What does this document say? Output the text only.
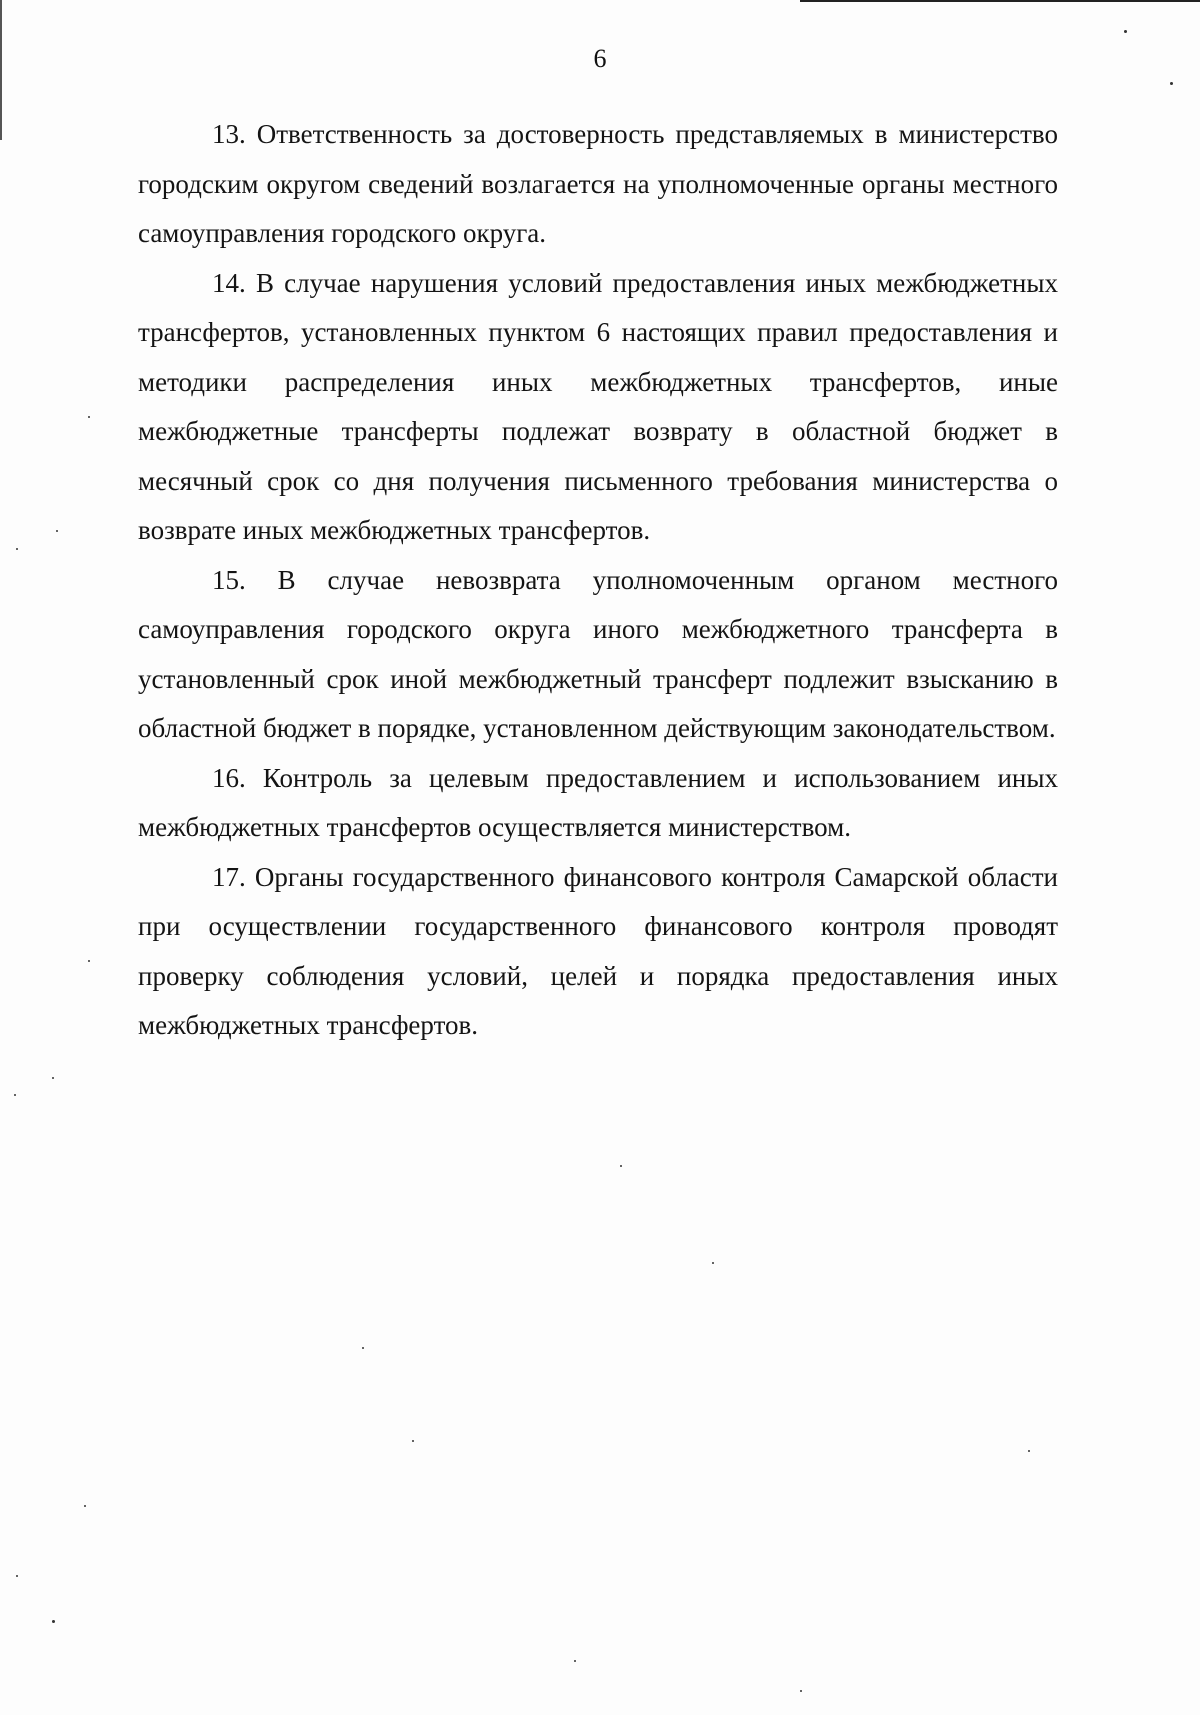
6

13. Ответственность за достоверность представляемых в министерство городским округом сведений возлагается на уполномоченные органы местного самоуправления городского округа.

14. В случае нарушения условий предоставления иных межбюджетных трансфертов, установленных пунктом 6 настоящих правил предоставления и методики распределения иных межбюджетных трансфертов, иные межбюджетные трансферты подлежат возврату в областной бюджет в месячный срок со дня получения письменного требования министерства о возврате иных межбюджетных трансфертов.

15. В случае невозврата уполномоченным органом местного самоуправления городского округа иного межбюджетного трансферта в установленный срок иной межбюджетный трансферт подлежит взысканию в областной бюджет в порядке, установленном действующим законодательством.

16. Контроль за целевым предоставлением и использованием иных межбюджетных трансфертов осуществляется министерством.

17. Органы государственного финансового контроля Самарской области при осуществлении государственного финансового контроля проводят проверку соблюдения условий, целей и порядка предоставления иных межбюджетных трансфертов.
